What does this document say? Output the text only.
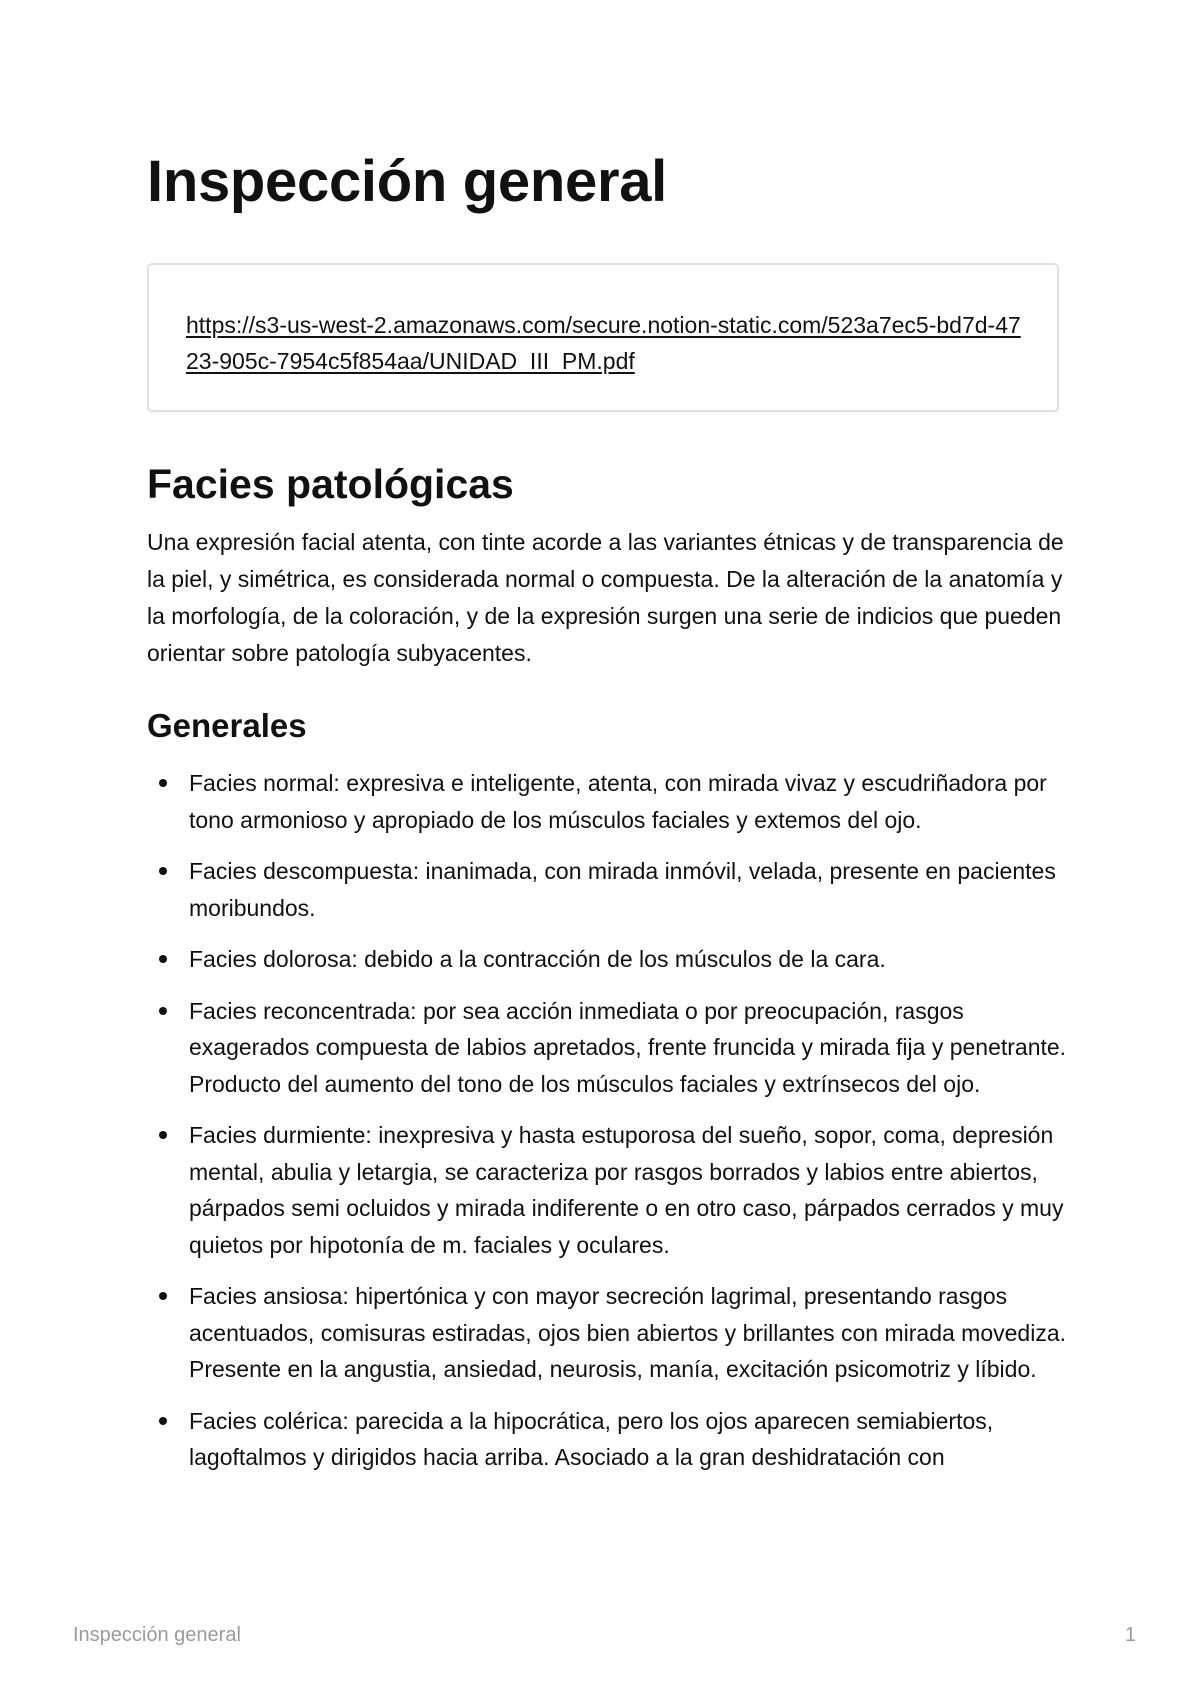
Inspección general
https://s3-us-west-2.amazonaws.com/secure.notion-static.com/523a7ec5-bd7d-4723-905c-7954c5f854aa/UNIDAD_III_PM.pdf
Facies patológicas

Una expresión facial atenta, con tinte acorde a las variantes étnicas y de transparencia de la piel, y simétrica, es considerada normal o compuesta. De la alteración de la anatomía y la morfología, de la coloración, y de la expresión surgen una serie de indicios que pueden orientar sobre patología subyacentes.

Generales
Facies normal: expresiva e inteligente, atenta, con mirada vivaz y escudriñadora por tono armonioso y apropiado de los músculos faciales y extemos del ojo.
Facies descompuesta: inanimada, con mirada inmóvil, velada, presente en pacientes moribundos.
Facies dolorosa: debido a la contracción de los músculos de la cara.
Facies reconcentrada: por sea acción inmediata o por preocupación, rasgos exagerados compuesta de labios apretados, frente fruncida y mirada fija y penetrante. Producto del aumento del tono de los músculos faciales y extrínsecos del ojo.
Facies durmiente: inexpresiva y hasta estuporosa del sueño, sopor, coma, depresión mental, abulia y letargia, se caracteriza por rasgos borrados y labios entre abiertos, párpados semi ocluidos y mirada indiferente o en otro caso, párpados cerrados y muy quietos por hipotonía de m. faciales y oculares.
Facies ansiosa: hipertónica y con mayor secreción lagrimal, presentando rasgos acentuados, comisuras estiradas, ojos bien abiertos y brillantes con mirada movediza. Presente en la angustia, ansiedad, neurosis, manía, excitación psicomotriz y líbido.
Facies colérica: parecida a la hipocrática, pero los ojos aparecen semiabiertos, lagoftalmos y dirigidos hacia arriba. Asociado a la gran deshidratación con
Inspección general	1
